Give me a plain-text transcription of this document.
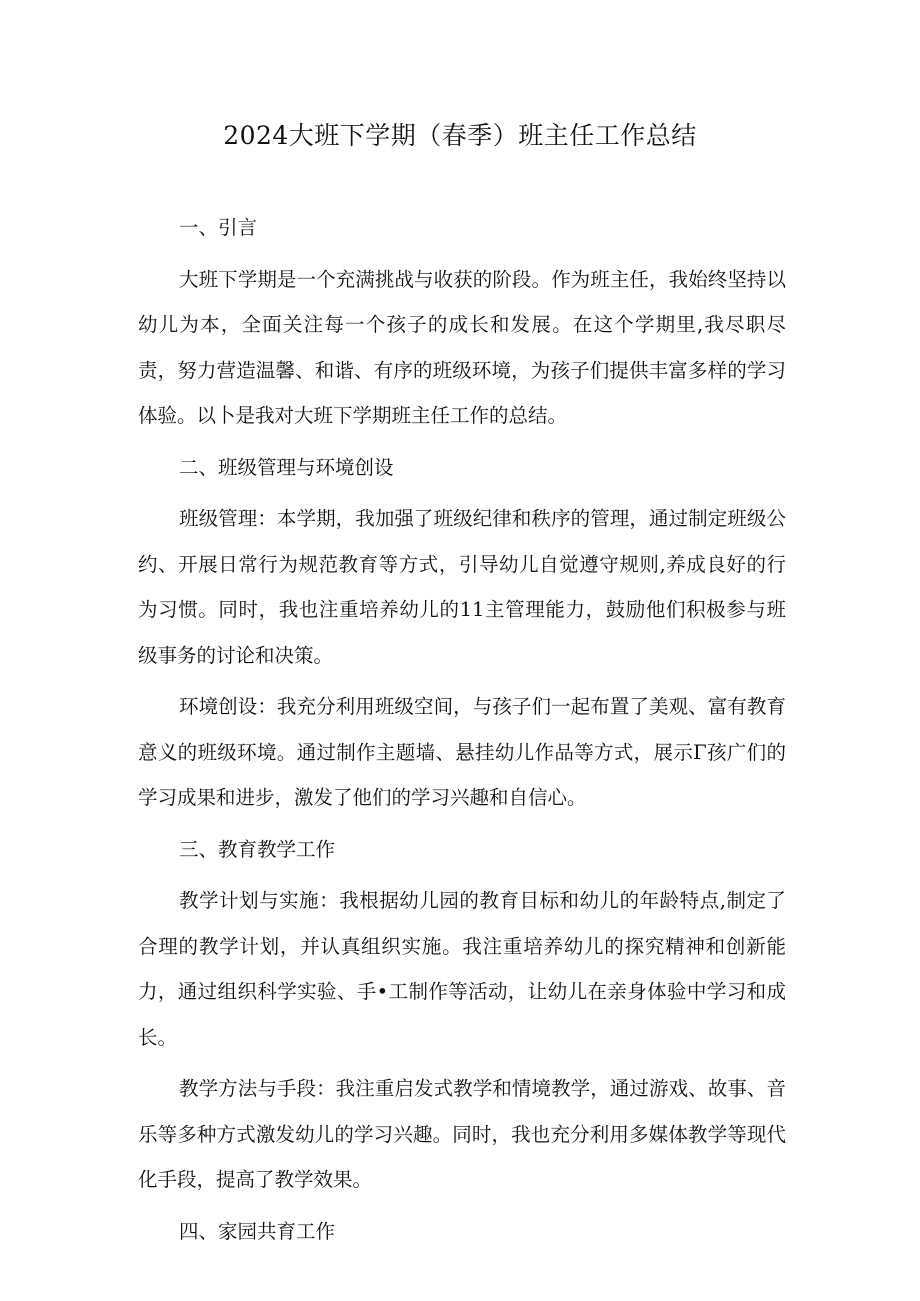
2024大班下学期（春季）班主任工作总结

一、引言

大班下学期是一个充满挑战与收获的阶段。作为班主任，我始终坚持以幼儿为本，全面关注每一个孩子的成长和发展。在这个学期里,我尽职尽责，努力营造温馨、和谐、有序的班级环境，为孩子们提供丰富多样的学习体验。以卜是我对大班下学期班主任工作的总结。

二、班级管理与环境创设

班级管理：本学期，我加强了班级纪律和秩序的管理，通过制定班级公约、开展日常行为规范教育等方式，引导幼儿自觉遵守规则,养成良好的行为习惯。同时，我也注重培养幼儿的11主管理能力，鼓励他们积极参与班级事务的讨论和决策。

环境创设：我充分利用班级空间，与孩子们一起布置了美观、富有教育意义的班级环境。通过制作主题墙、悬挂幼儿作品等方式，展示Γ孩广们的学习成果和进步，激发了他们的学习兴趣和自信心。

三、教育教学工作

教学计划与实施：我根据幼儿园的教育目标和幼儿的年龄特点,制定了合理的教学计划，并认真组织实施。我注重培养幼儿的探究精神和创新能力，通过组织科学实验、手•工制作等活动，让幼儿在亲身体验中学习和成长。

教学方法与手段：我注重启发式教学和情境教学，通过游戏、故事、音乐等多种方式激发幼儿的学习兴趣。同时，我也充分利用多媒体教学等现代化手段，提高了教学效果。

四、家园共育工作
